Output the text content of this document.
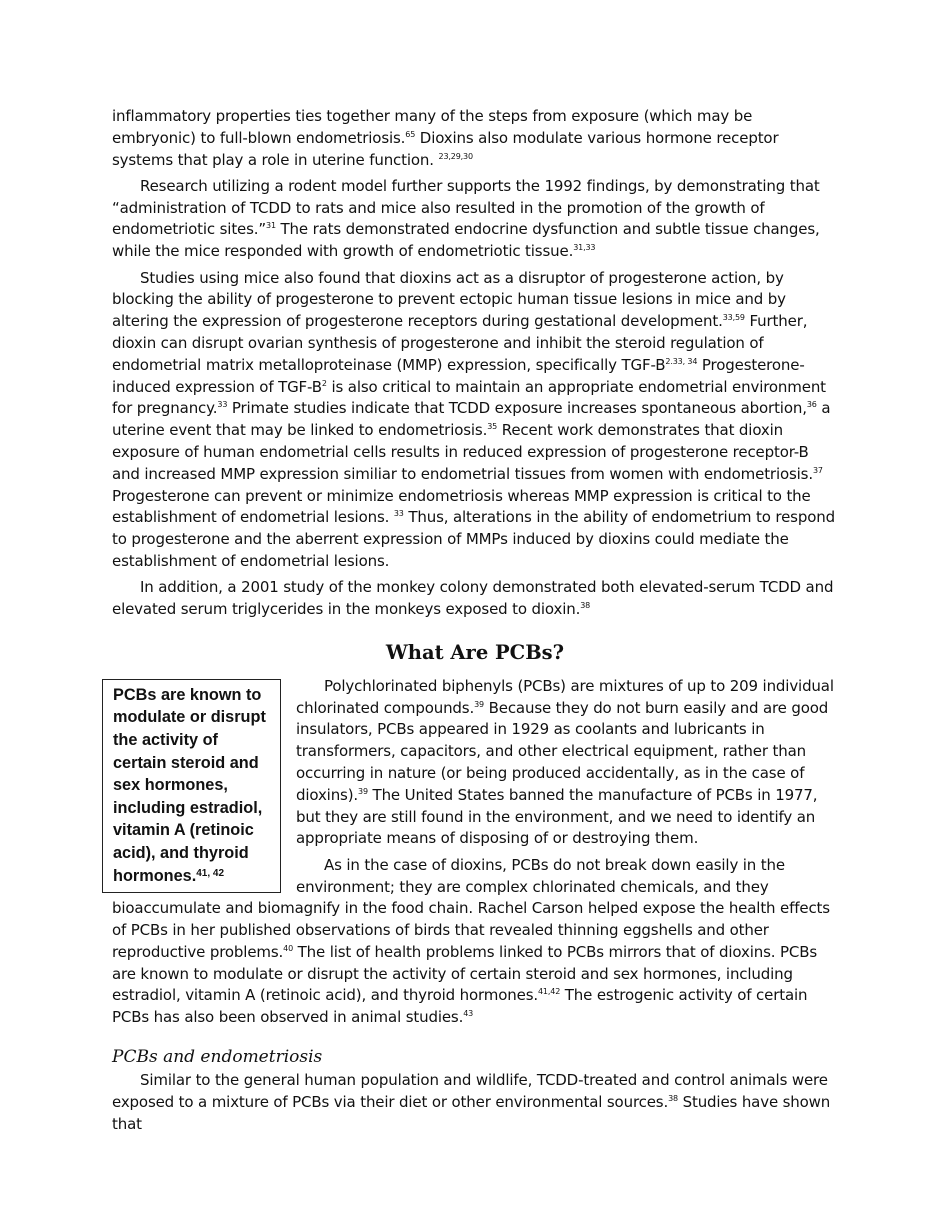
inflammatory properties ties together many of the steps from exposure (which may be embryonic) to full-blown endometriosis.$^{65}$ Dioxins also modulate various hormone receptor systems that play a role in uterine function. $^{23,29,30}$

Research utilizing a rodent model further supports the 1992 findings, by demonstrating that “administration of TCDD to rats and mice also resulted in the promotion of the growth of endometriotic sites.”$^{31}$ The rats demonstrated endocrine dysfunction and subtle tissue changes, while the mice responded with growth of endometriotic tissue.$^{31,33}$

Studies using mice also found that dioxins act as a disruptor of progesterone action, by blocking the ability of progesterone to prevent ectopic human tissue lesions in mice and by altering the expression of progesterone receptors during gestational development.$^{33,59}$ Further, dioxin can disrupt ovarian synthesis of progesterone and inhibit the steroid regulation of endometrial matrix metalloproteinase (MMP) expression, specifically TGF-$B^{2.33, 34}$ Progesterone-induced expression of TGF-$B^2$ is also critical to maintain an appropriate endometrial environment for pregnancy.$^{33}$ Primate studies indicate that TCDD exposure increases spontaneous abortion,$^{36}$ a uterine event that may be linked to endometriosis.$^{35}$ Recent work demonstrates that dioxin exposure of human endometrial cells results in reduced expression of progesterone receptor-B and increased MMP expression similiar to endometrial tissues from women with endometriosis.$^{37}$ Progesterone can prevent or minimize endometriosis whereas MMP expression is critical to the establishment of endometrial lesions. $^{33}$ Thus, alterations in the ability of endometrium to respond to progesterone and the aberrent expression of MMPs induced by dioxins could mediate the establishment of endometrial lesions.

In addition, a 2001 study of the monkey colony demonstrated both elevated-serum TCDD and elevated serum triglycerides in the monkeys exposed to dioxin.$^{38}$

What Are PCBs?
PCBs are known to modulate or disrupt the activity of certain steroid and sex hormones, including estradiol, vitamin A (retinoic acid), and thyroid hormones.$^{41, 42}$

Polychlorinated biphenyls (PCBs) are mixtures of up to 209 individual chlorinated compounds.$^{39}$ Because they do not burn easily and are good insulators, PCBs appeared in 1929 as coolants and lubricants in transformers, capacitors, and other electrical equipment, rather than occurring in nature (or being produced accidentally, as in the case of dioxins).$^{39}$ The United States banned the manufacture of PCBs in 1977, but they are still found in the environment, and we need to identify an appropriate means of disposing of or destroying them.

As in the case of dioxins, PCBs do not break down easily in the environment; they are complex chlorinated chemicals, and they bioaccumulate and biomagnify in the food chain. Rachel Carson helped expose the health effects of PCBs in her published observations of birds that revealed thinning eggshells and other reproductive problems.$^{40}$ The list of health problems linked to PCBs mirrors that of dioxins. PCBs are known to modulate or disrupt the activity of certain steroid and sex hormones, including estradiol, vitamin A (retinoic acid), and thyroid hormones.$^{41,42}$ The estrogenic activity of certain PCBs has also been observed in animal studies.$^{43}$

PCBs and endometriosis

Similar to the general human population and wildlife, TCDD-treated and control animals were exposed to a mixture of PCBs via their diet or other environmental sources.$^{38}$ Studies have shown that
